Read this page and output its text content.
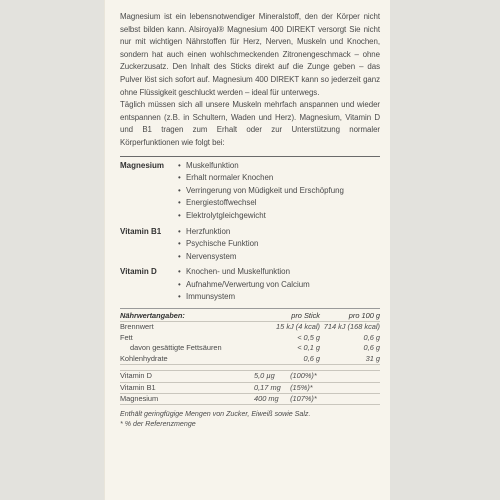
Magnesium ist ein lebensnotwendiger Mineralstoff, den der Körper nicht selbst bilden kann. Alsiroyal® Magnesium 400 DIREKT versorgt Sie nicht nur mit wichtigen Nährstoffen für Herz, Nerven, Muskeln und Knochen, sondern hat auch einen wohlschmeckenden Zitronengeschmack – ohne Zuckerzusatz. Den Inhalt des Sticks direkt auf die Zunge geben – das Pulver löst sich sofort auf. Magnesium 400 DIREKT kann so jederzeit ganz ohne Flüssigkeit geschluckt werden – ideal für unterwegs.

Täglich müssen sich all unsere Muskeln mehrfach anspannen und wieder entspannen (z.B. in Schultern, Waden und Herz). Magnesium, Vitamin D und B1 tragen zum Erhalt oder zur Unterstützung normaler Körperfunktionen wie folgt bei:

Magnesium	• Muskelfunktion
• Erhalt normaler Knochen
• Verringerung von Müdigkeit und Erschöpfung
• Energiestoffwechsel
• Elektrolytgleichgewicht
Vitamin B1	• Herzfunktion
• Psychische Funktion
• Nervensystem
Vitamin D	• Knochen- und Muskelfunktion
• Aufnahme/Verwertung von Calcium
• Immunsystem
Nährwertangaben:	pro Stick	pro 100 g
Brennwert	15 kJ (4 kcal)	714 kJ (168 kcal)
Fett	< 0,5 g	0,6 g
davon gesättigte Fettsäuren	< 0,1 g	0,6 g
Kohlenhydrate	0,6 g	31 g
Vitamin D	5,0 µg (100%)*	
Vitamin B1	0,17 mg (15%)*	
Magnesium	400 mg (107%)*	
Enthält geringfügige Mengen von Zucker, Eiweiß sowie Salz.
* % der Referenzmenge
